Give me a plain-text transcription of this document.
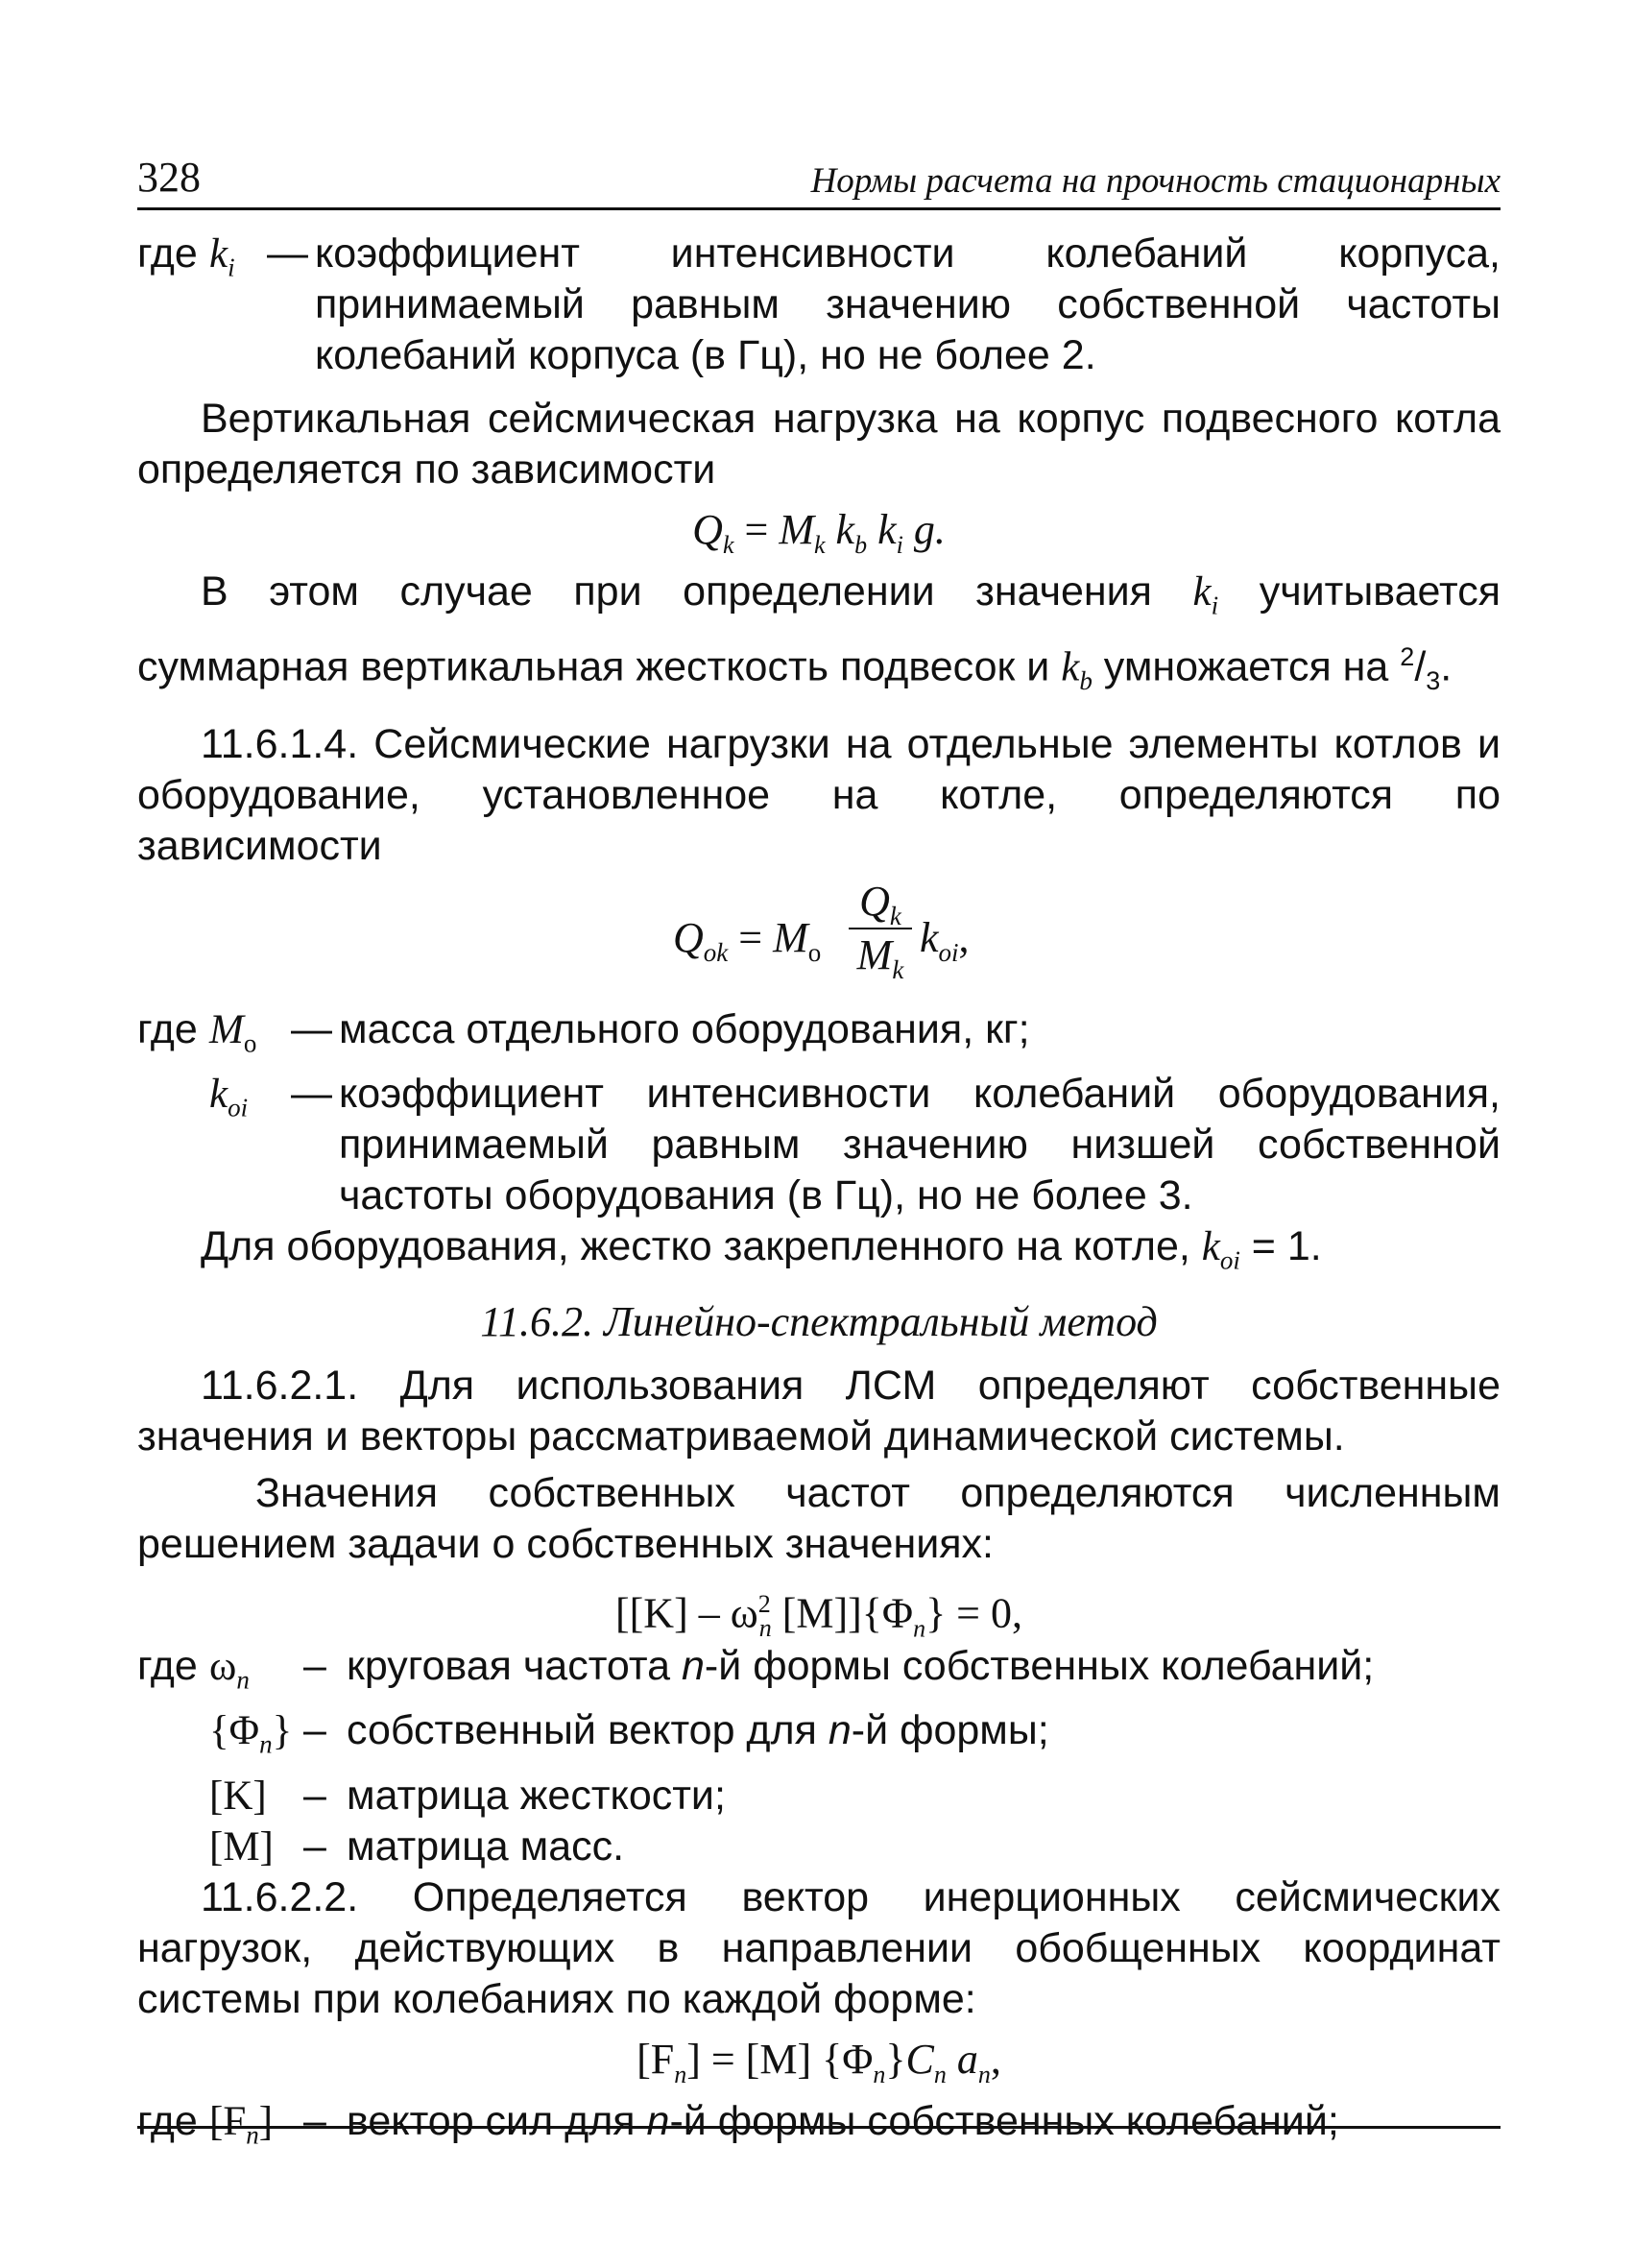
328	Нормы расчета на прочность стационарных
где $k_i$ — коэффициент интенсивности колебаний корпуса, принимаемый равным значению собственной частоты колебаний корпуса (в Гц), но не более 2.

Вертикальная сейсмическая нагрузка на корпус подвесного котла определяется по зависимости

$Q_k = M_k$ $k_b$ $k_i$ g.

В этом случае при определении значения $k_i$ учитывается суммарная вертикальная жесткость подвесок и $k_b$ умножается на $^2/_3$.

11.6.1.4. Сейсмические нагрузки на отдельные элементы котлов и оборудование, установленное на котле, определяются по зависимости

$Q_{ok} = M_o$
$Q_k$
$M_k$
$k_{oi}$,
где $M_o$ — масса отдельного оборудования, кг;
$k_{oi}$	— коэффициент интенсивности колебаний оборудования, принимаемый равным значению низшей собственной частоты оборудования (в Гц), но не более 3.

Для оборудования, жестко закрепленного на котле, $k_{oi} = 1$.

11.6.2. Линейно-спектральный метод

11.6.2.1. Для использования ЛСМ определяют собственные значения и векторы рассматриваемой динамической системы.

Значения собственных частот определяются численным решением задачи о собственных значениях:

[$[K] - \omega^2_n$ $[M]]\{\Phi_n\} = 0$,
где $\omega_n$	– круговая частота n-й формы собственных колебаний;
$\{\Phi_n\}$ – собственный вектор для n-й формы;
[K] – матрица жесткости;
[M] – матрица масс.

11.6.2.2. Определяется вектор инерционных сейсмических нагрузок, действующих в направлении обобщенных координат системы при колебаниях по каждой форме:

$[F_n] = [M]$ $\{\Phi_n\}C_n$ $a_n$,
где $[F_n]$ – вектор сил для n-й формы собственных колебаний;
